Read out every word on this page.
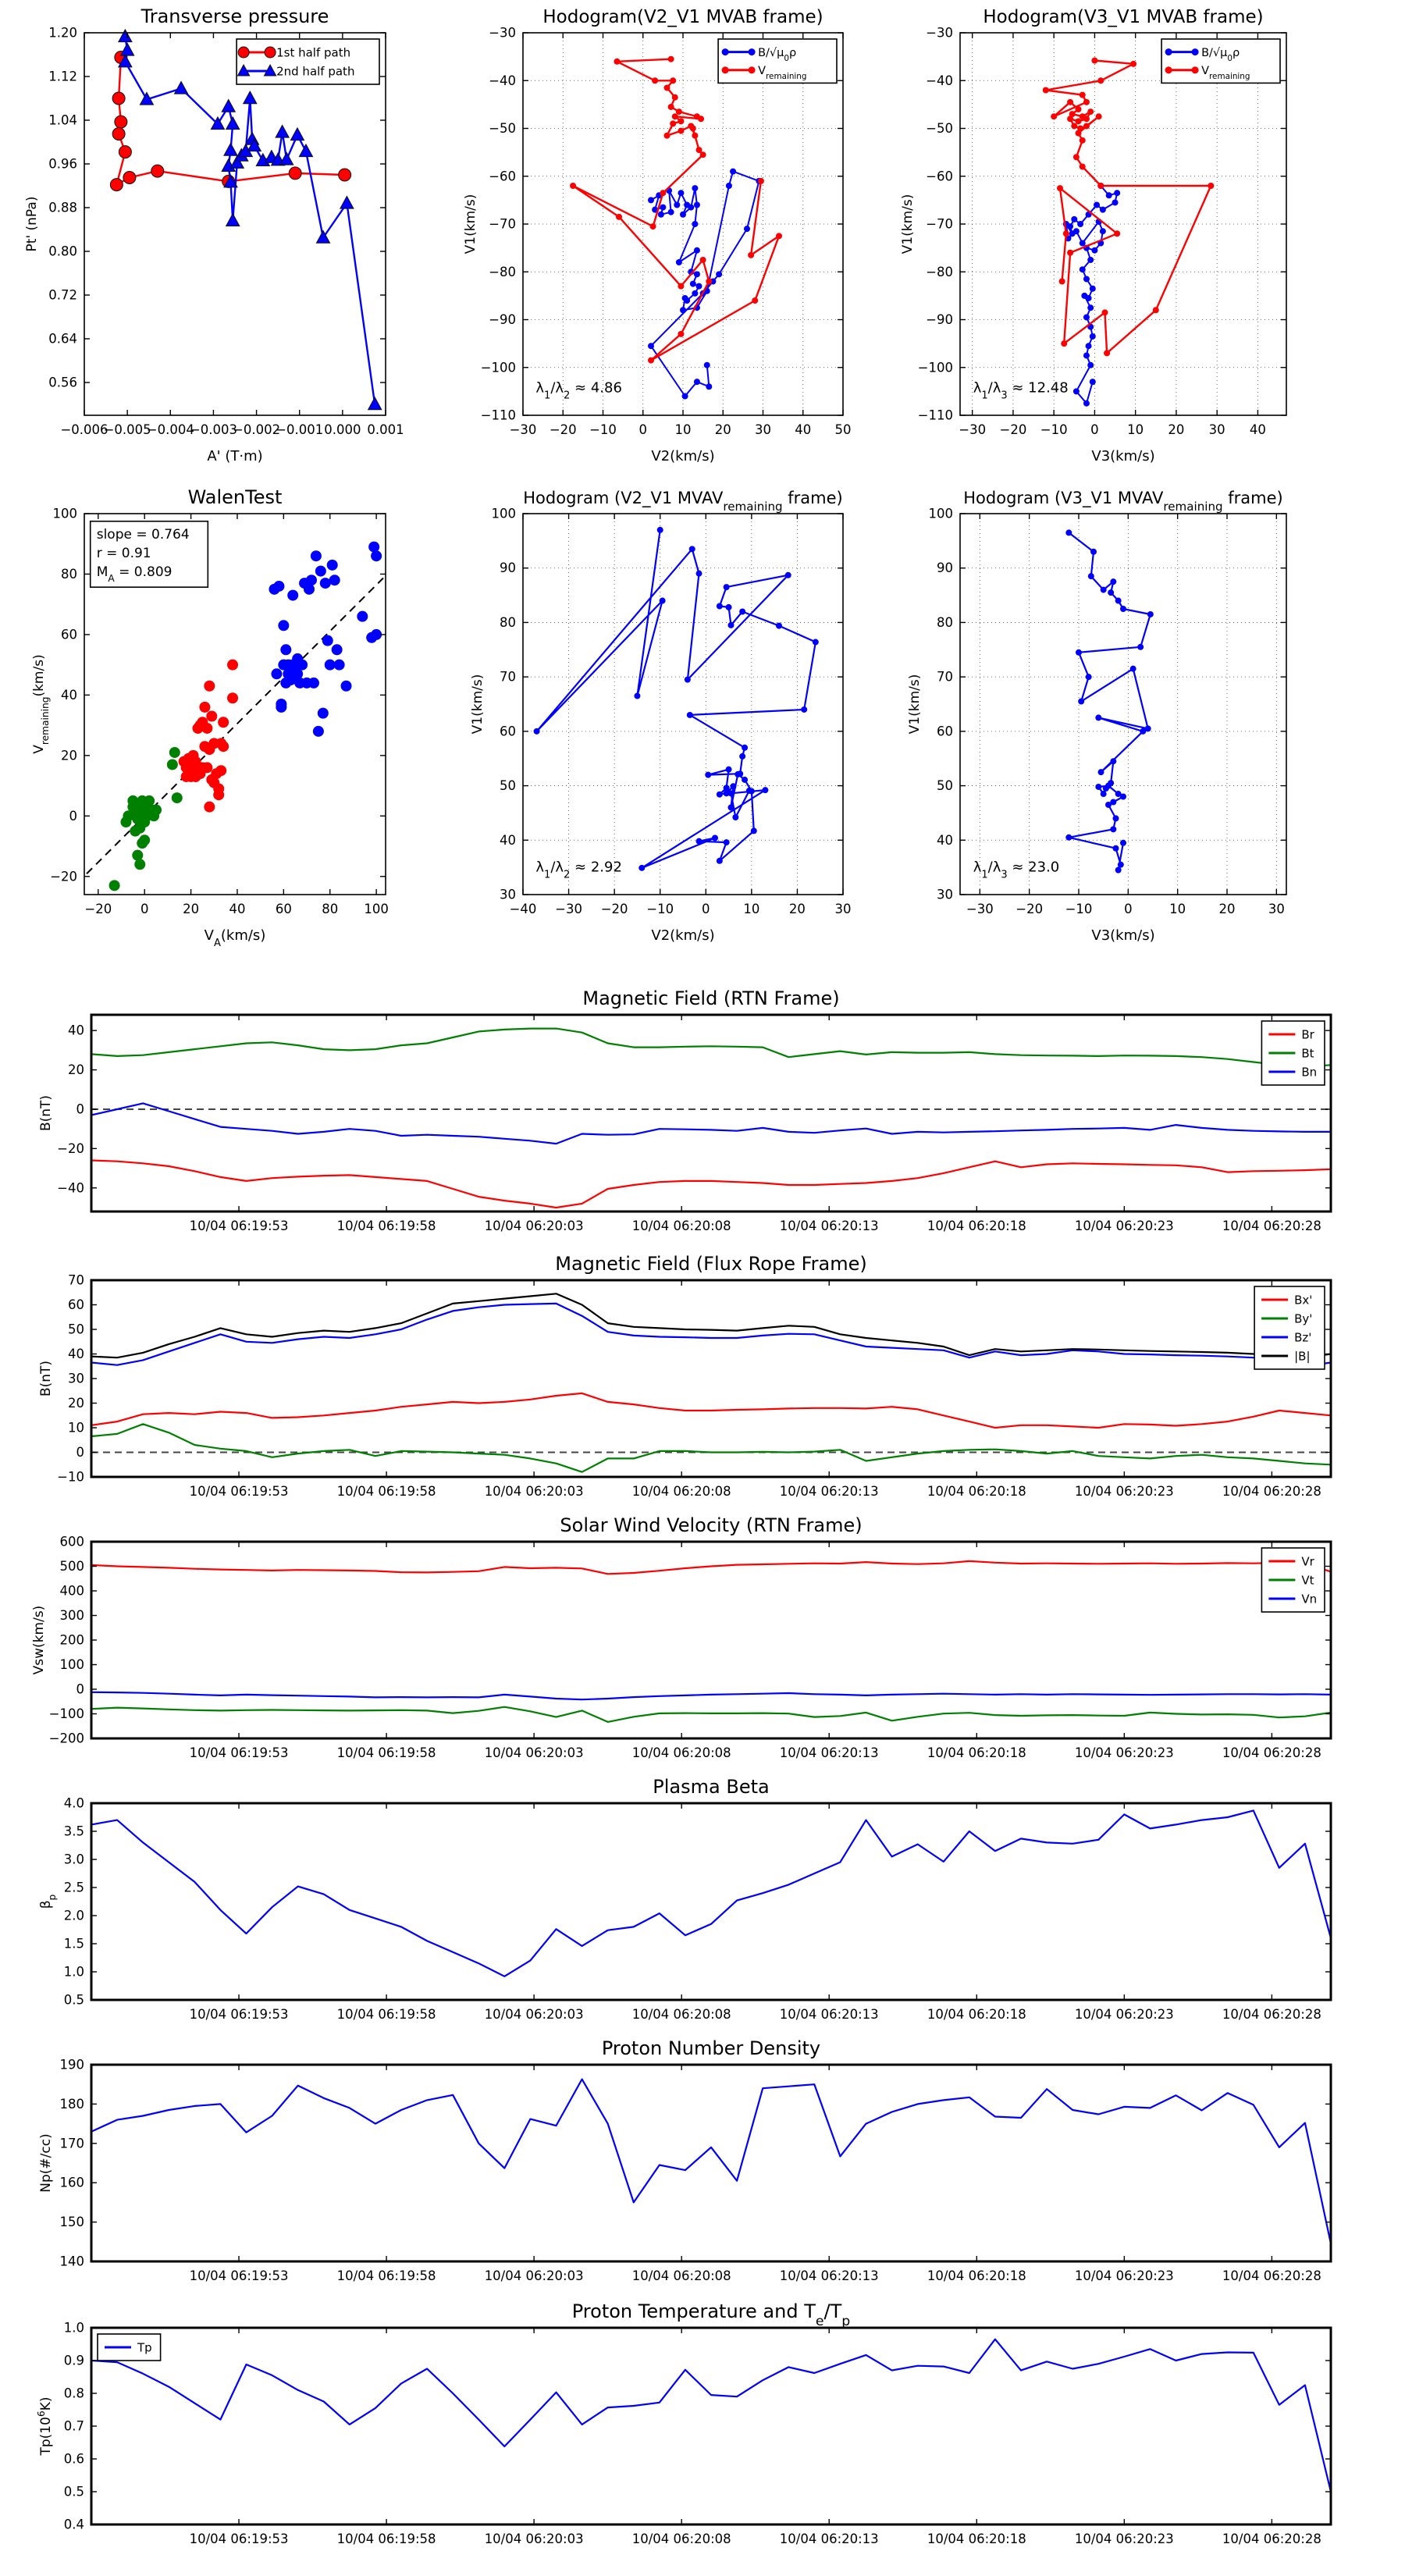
Transverse pressure
−0.006
−0.005
−0.004
−0.003
−0.002
−0.001 0.000 0.001
0.56
0.64
0.72
0.80
0.88
0.96
1.04
1.12
1.20
A' (T·m)
Pt' (nPa)
1st half path
2nd half path
Hodogram(V2_V1 MVAB frame)
−30 −20 −10 0 10 20 30 40 50
−110
−100
−90
−80
−70
−60
−50
−40
−30
V2(km/s)
V1(km/s)
$\lambda_1/\lambda_2 \approx 4.86$
$B/√\mu_0\rho$
$V_{remaining}$
Hodogram(V3_V1 MVAB frame)
−30 −20 −10 0 10 20 30 40
−110
−100
−90
−80
−70
−60
−50
−40
−30
V3(km/s)
V1(km/s)
$\lambda_1/\lambda_3 \approx 12.48$
$B/√\mu_0\rho$
$V_{remaining}$
WalenTest
−20 0	20 40 60 80 100
−20
0
20
40
60
80
100
$V_A(km/s)$
$V_{remaining}(km/s)$
slope = 0.764
r = 0.91
$M_A = 0.809$
Hodogram (V2_V1 $MVAV_{remaining}$ frame)
−40 −30 −20 −10 0	10 20 30
30
40
50
60
70
80
90
100
V2(km/s)
V1(km/s)
$\lambda_1/\lambda_2 \approx 2.92$
Hodogram (V3_V1 $MVAV_{remaining}$ frame)
−30 −20 −10 0	10	20	30
30
40
50
60
70
80
90
100
V3(km/s)
V1(km/s)
$\lambda_1/\lambda_3 \approx 23.0$
Magnetic Field (RTN Frame)
10/04 06:19:53	10/04 06:19:58	10/04 06:20:03	10/04 06:20:08	10/04 06:20:13	10/04 06:20:18	10/04 06:20:23	10/04 06:20:28
−40
−20
0
20
40
B(nT)
Br
Bt
Bn
Magnetic Field (Flux Rope Frame)
10/04 06:19:53	10/04 06:19:58	10/04 06:20:03	10/04 06:20:08	10/04 06:20:13	10/04 06:20:18	10/04 06:20:23	10/04 06:20:28
−10
0
10
20
30
40
50
60
70
B(nT)
Bx'
By'
Bz'
|B|
Solar Wind Velocity (RTN Frame)
10/04 06:19:53	10/04 06:19:58	10/04 06:20:03	10/04 06:20:08	10/04 06:20:13	10/04 06:20:18	10/04 06:20:23	10/04 06:20:28
−200
−100
0
100
200
300
400
500
600
Vsw(km/s)
Vr
Vt
Vn
Plasma Beta
10/04 06:19:53	10/04 06:19:58	10/04 06:20:03	10/04 06:20:08	10/04 06:20:13	10/04 06:20:18	10/04 06:20:23	10/04 06:20:28
0.5
1.0
1.5
2.0
2.5
3.0
3.5
4.0
$\beta_p$
Proton Number Density
10/04 06:19:53	10/04 06:19:58	10/04 06:20:03	10/04 06:20:08	10/04 06:20:13	10/04 06:20:18	10/04 06:20:23	10/04 06:20:28
140
150
160
170
180
190
Np(#/cc)
Proton Temperature and $T_e/T_p$
10/04 06:19:53	10/04 06:19:58	10/04 06:20:03	10/04 06:20:08	10/04 06:20:13	10/04 06:20:18	10/04 06:20:23	10/04 06:20:28
0.4
0.5
0.6
0.7
0.8
0.9
1.0
$Tp(10^6K)$
Tp
